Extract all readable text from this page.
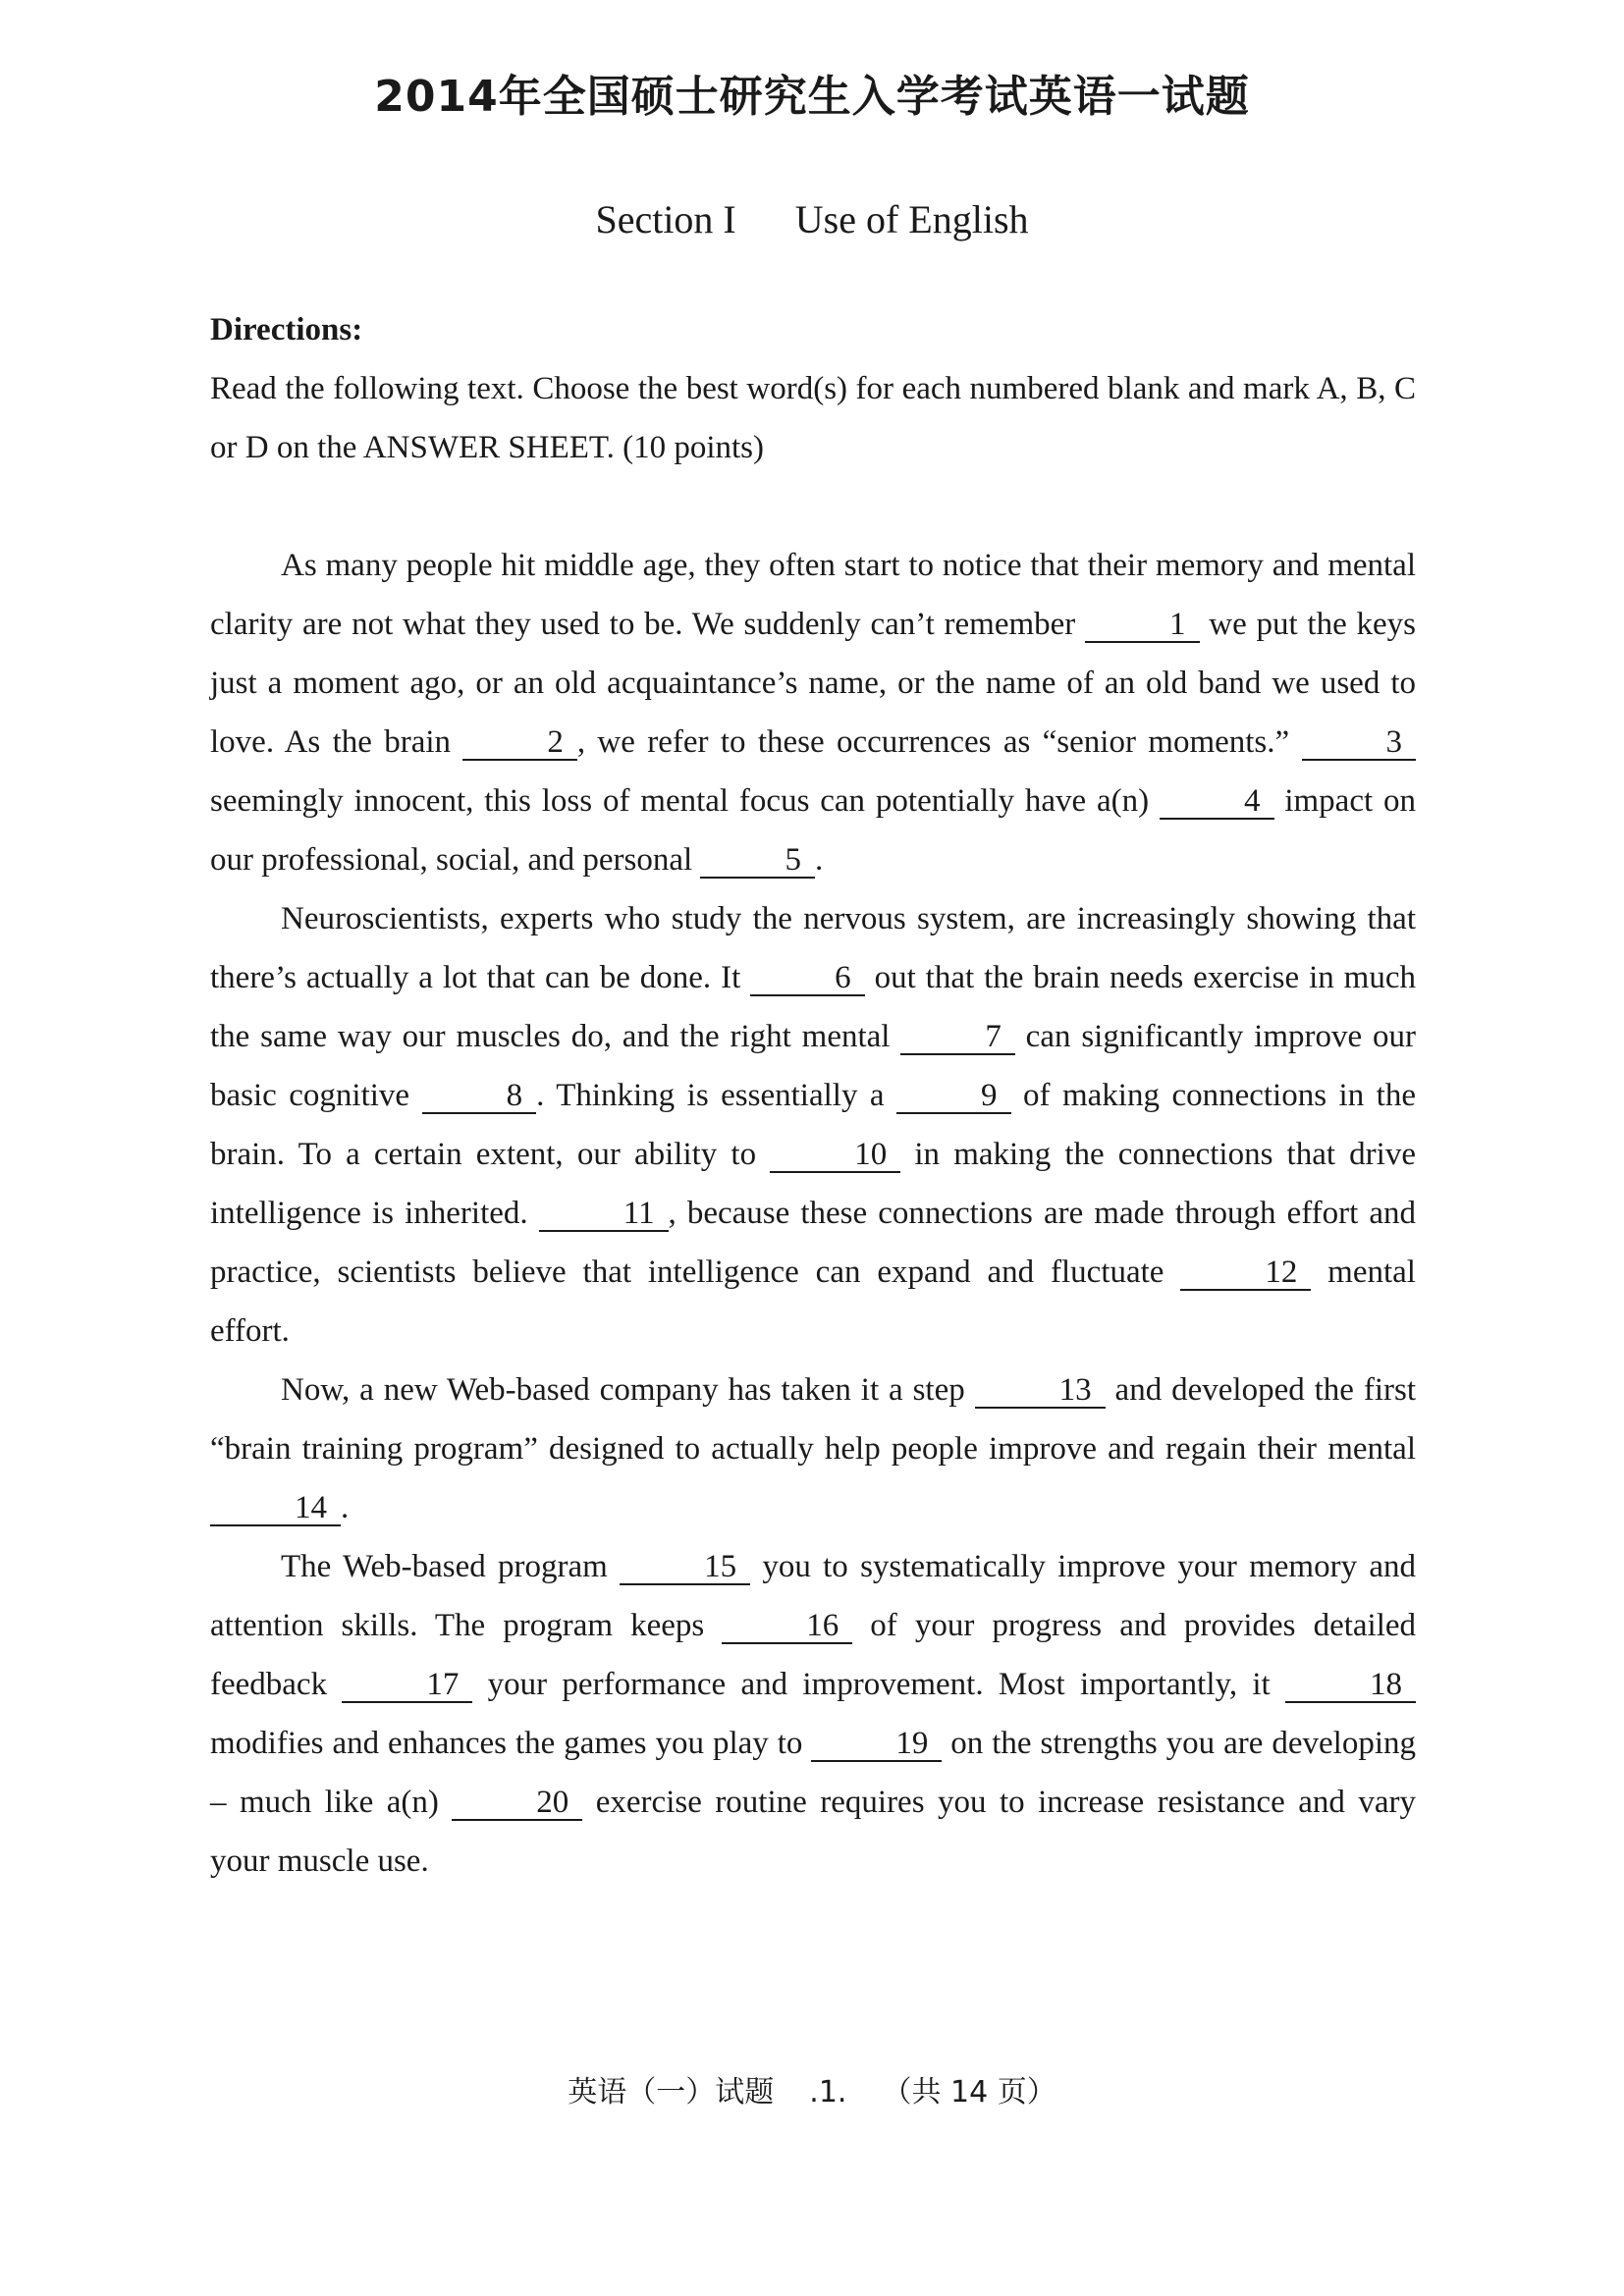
2014年全国硕士研究生入学考试英语一试题
Section I Use of English

Directions:

Read the following text. Choose the best word(s) for each numbered blank and mark A, B, C or D on the ANSWER SHEET. (10 points)

As many people hit middle age, they often start to notice that their memory and mental clarity are not what they used to be. We suddenly can’t remember	1 we put the keys just a moment ago, or an old acquaintance’s name, or the name of an old band we used to love. As the brain	2 , we refer to these occurrences as “senior moments.”	3 seemingly innocent, this loss of mental focus can potentially have a(n)	4 impact on our professional, social, and personal	5 .

Neuroscientists, experts who study the nervous system, are increasingly showing that there’s actually a lot that can be done. It	6 out that the brain needs exercise in much the same way our muscles do, and the right mental	7 can significantly improve our basic cognitive	8 . Thinking is essentially a	9 of making connections in the brain. To a certain extent, our ability to	10 in making the connections that drive intelligence is inherited.	11 , because these connections are made through effort and practice, scientists believe that intelligence can expand and fluctuate	12 mental effort.

Now, a new Web-based company has taken it a step	13 and developed the first “brain training program” designed to actually help people improve and regain their mental 14 .

The Web-based program	15 you to systematically improve your memory and attention skills. The program keeps	16 of your progress and provides detailed feedback	17 your performance and improvement. Most importantly, it	18 modifies and enhances the games you play to	19 on the strengths you are developing – much like a(n)	20 exercise routine requires you to increase resistance and vary your muscle use.

英语（一）试题 .1. （共 14 页）
